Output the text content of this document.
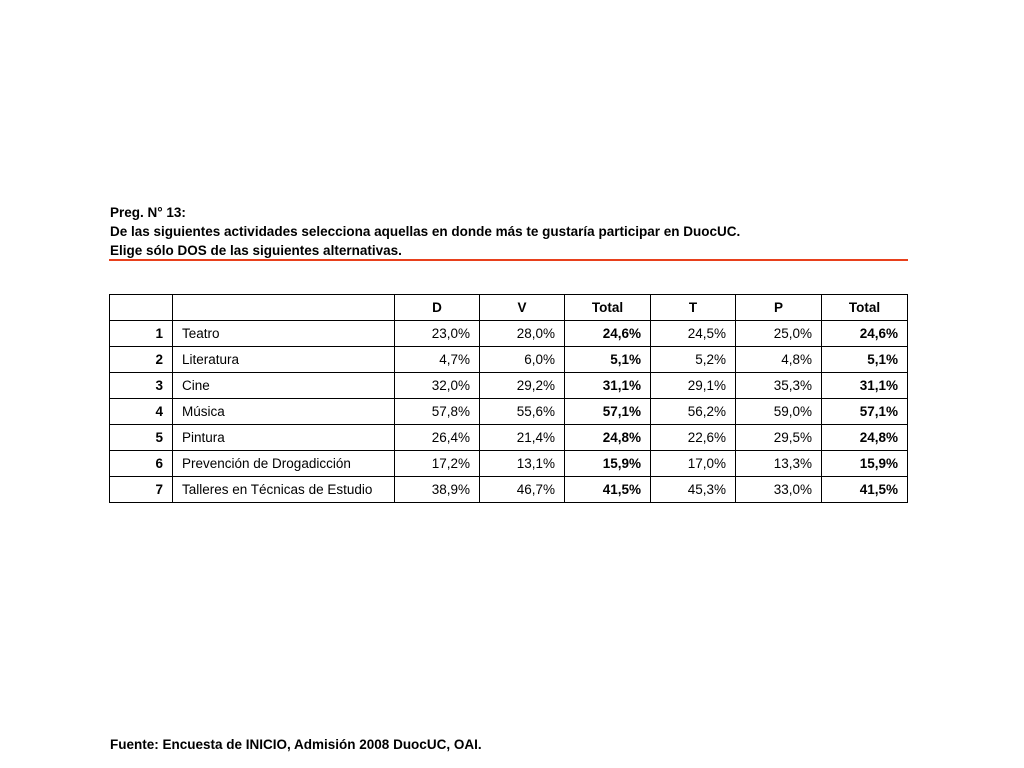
Preg. N° 13:
De las siguientes actividades selecciona aquellas en donde más te gustaría participar en DuocUC.
Elige sólo DOS de las siguientes alternativas.
		D	V	Total	T	P	Total
1	Teatro	23,0%	28,0%	24,6%	24,5%	25,0%	24,6%
2	Literatura	4,7%	6,0%	5,1%	5,2%	4,8%	5,1%
3	Cine	32,0%	29,2%	31,1%	29,1%	35,3%	31,1%
4	Música	57,8%	55,6%	57,1%	56,2%	59,0%	57,1%
5	Pintura	26,4%	21,4%	24,8%	22,6%	29,5%	24,8%
6	Prevención de Drogadicción	17,2%	13,1%	15,9%	17,0%	13,3%	15,9%
7	Talleres en Técnicas de Estudio	38,9%	46,7%	41,5%	45,3%	33,0%	41,5%
Fuente: Encuesta de INICIO, Admisión 2008 DuocUC, OAI.
